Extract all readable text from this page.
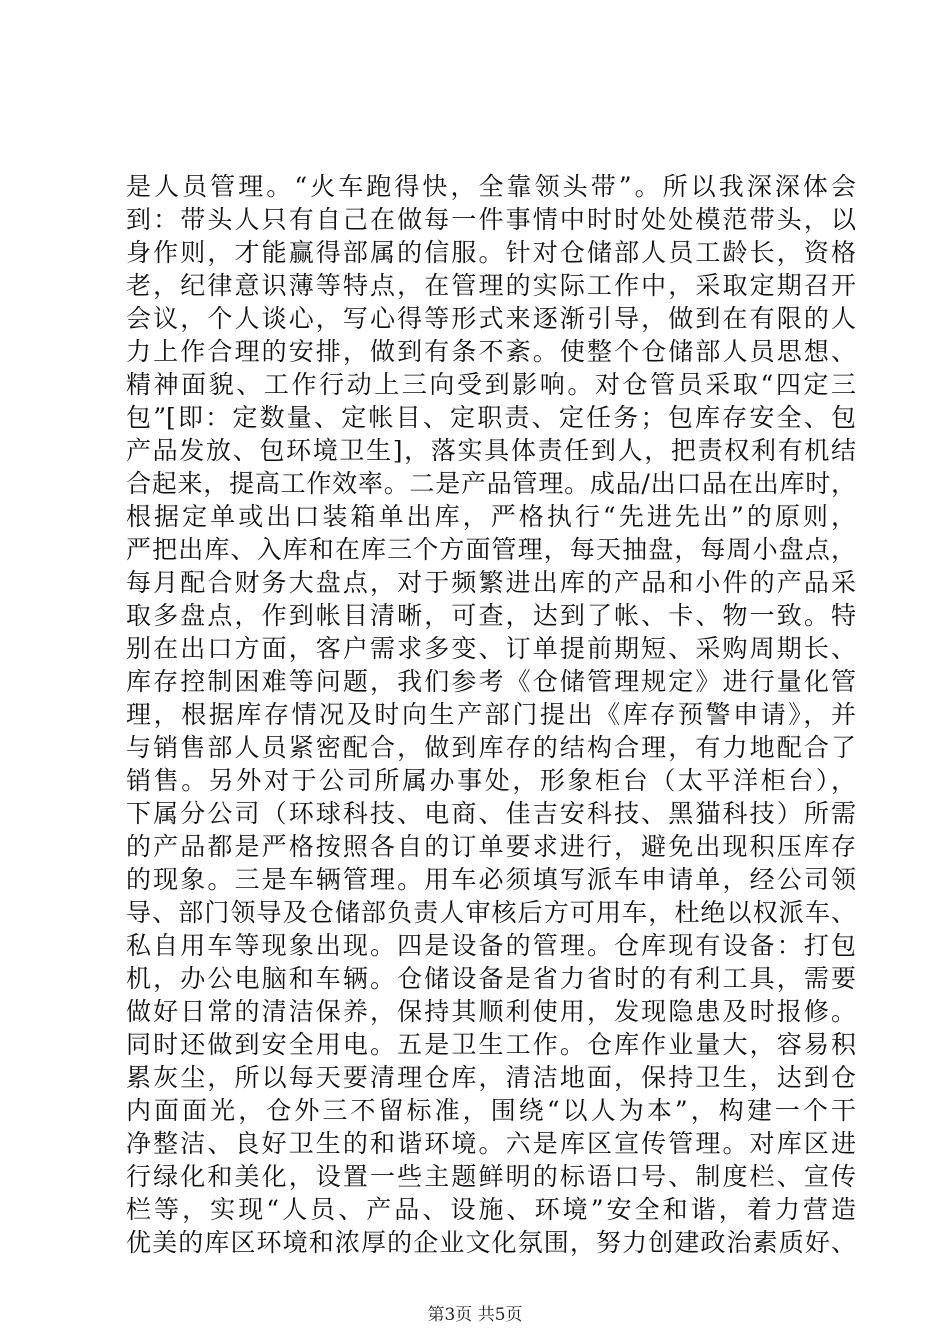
是人员管理。“火车跑得快，全靠领头带”。所以我深深体会
到：带头人只有自己在做每一件事情中时时处处模范带头，以
身作则，才能赢得部属的信服。针对仓储部人员工龄长，资格
老，纪律意识薄等特点，在管理的实际工作中，采取定期召开
会议，个人谈心，写心得等形式来逐渐引导，做到在有限的人
力上作合理的安排，做到有条不紊。使整个仓储部人员思想、
精神面貌、工作行动上三向受到影响。对仓管员采取“四定三
包”[即：定数量、定帐目、定职责、定任务；包库存安全、包
产品发放、包环境卫生]，落实具体责任到人，把责权利有机结
合起来，提高工作效率。二是产品管理。成品/出口品在出库时，
根据定单或出口装箱单出库，严格执行“先进先出”的原则，
严把出库、入库和在库三个方面管理，每天抽盘，每周小盘点，
每月配合财务大盘点，对于频繁进出库的产品和小件的产品采
取多盘点，作到帐目清晰，可查，达到了帐、卡、物一致。特
别在出口方面，客户需求多变、订单提前期短、采购周期长、
库存控制困难等问题，我们参考《仓储管理规定》进行量化管
理，根据库存情况及时向生产部门提出《库存预警申请》，并
与销售部人员紧密配合，做到库存的结构合理，有力地配合了
销售。另外对于公司所属办事处，形象柜台（太平洋柜台），
下属分公司（环球科技、电商、佳吉安科技、黑猫科技）所需
的产品都是严格按照各自的订单要求进行，避免出现积压库存
的现象。三是车辆管理。用车必须填写派车申请单，经公司领
导、部门领导及仓储部负责人审核后方可用车，杜绝以权派车、
私自用车等现象出现。四是设备的管理。仓库现有设备：打包
机，办公电脑和车辆。仓储设备是省力省时的有利工具，需要
做好日常的清洁保养，保持其顺利使用，发现隐患及时报修。
同时还做到安全用电。五是卫生工作。仓库作业量大，容易积
累灰尘，所以每天要清理仓库，清洁地面，保持卫生，达到仓
内面面光，仓外三不留标准，围绕“以人为本”，构建一个干
净整洁、良好卫生的和谐环境。六是库区宣传管理。对库区进
行绿化和美化，设置一些主题鲜明的标语口号、制度栏、宣传
栏等，实现“人员、产品、设施、环境”安全和谐，着力营造
优美的库区环境和浓厚的企业文化氛围，努力创建政治素质好、
第3页 共5页
